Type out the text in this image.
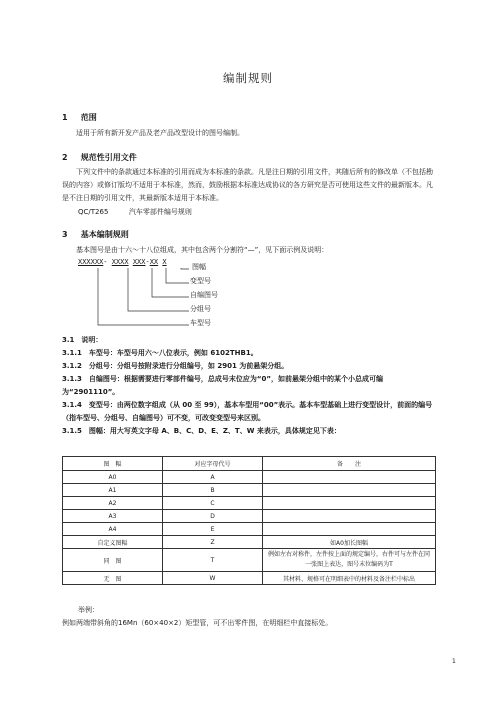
编制规则
1 范围
适用于所有新开发产品及老产品改型设计的图号编制。
2 规范性引用文件
下列文件中的条款通过本标准的引用而成为本标准的条款。凡是注日期的引用文件，其随后所有的修改单（不包括勘误的内容）或修订版均不适用于本标准，然而，鼓励根据本标准达成协议的各方研究是否可使用这些文件的最新版本。凡是不注日期的引用文件，其最新版本适用于本标准。
QC/T265	汽车零部件编号规则
3 基本编制规则
基本图号是由十六～十八位组成，其中包含两个分割符“—”，见下面示例及说明：
XXXXXX- XXXX XXX-XX X
图幅
变型号
自编图号
分组号
车型号
3.1　说明：
3.1.1　车型号：车型号用六～八位表示，例如 6102THB1。
3.1.2　分组号：分组号按附录进行分组编号，如 2901 为前悬架分组。
3.1.3　自编图号：根据需要进行零部件编号，总成号末位应为“0”，如前悬架分组中的某个小总成可编为“2901110”。
3.1.4　变型号：由两位数字组成（从 00 至 99），基本车型用“00”表示。基本车型基础上进行变型设计，前面的编号（指车型号、分组号、自编图号）可不变，可改变变型号来区别。
3.1.5　图幅：用大写英文字母 A、B、C、D、E、Z、T、W 来表示，具体规定见下表：
图　幅	对应字母代号	备　　注
A0	A	
A1	B	
A2	C	
A3	D	
A4	E	
自定义图幅	Z	如A0加长图幅
同　图	T	例如左右对称件，左件按上面的规定编号，右件可与左件在同一张图上表达，图号末位编码为T
无　图	W	其材料、规格可在明细表中的材料及备注栏中标出
举例：
例如两端带斜角的16Mn（60×40×2）矩型管，可不出零件图，在明细栏中直接标处。
1
